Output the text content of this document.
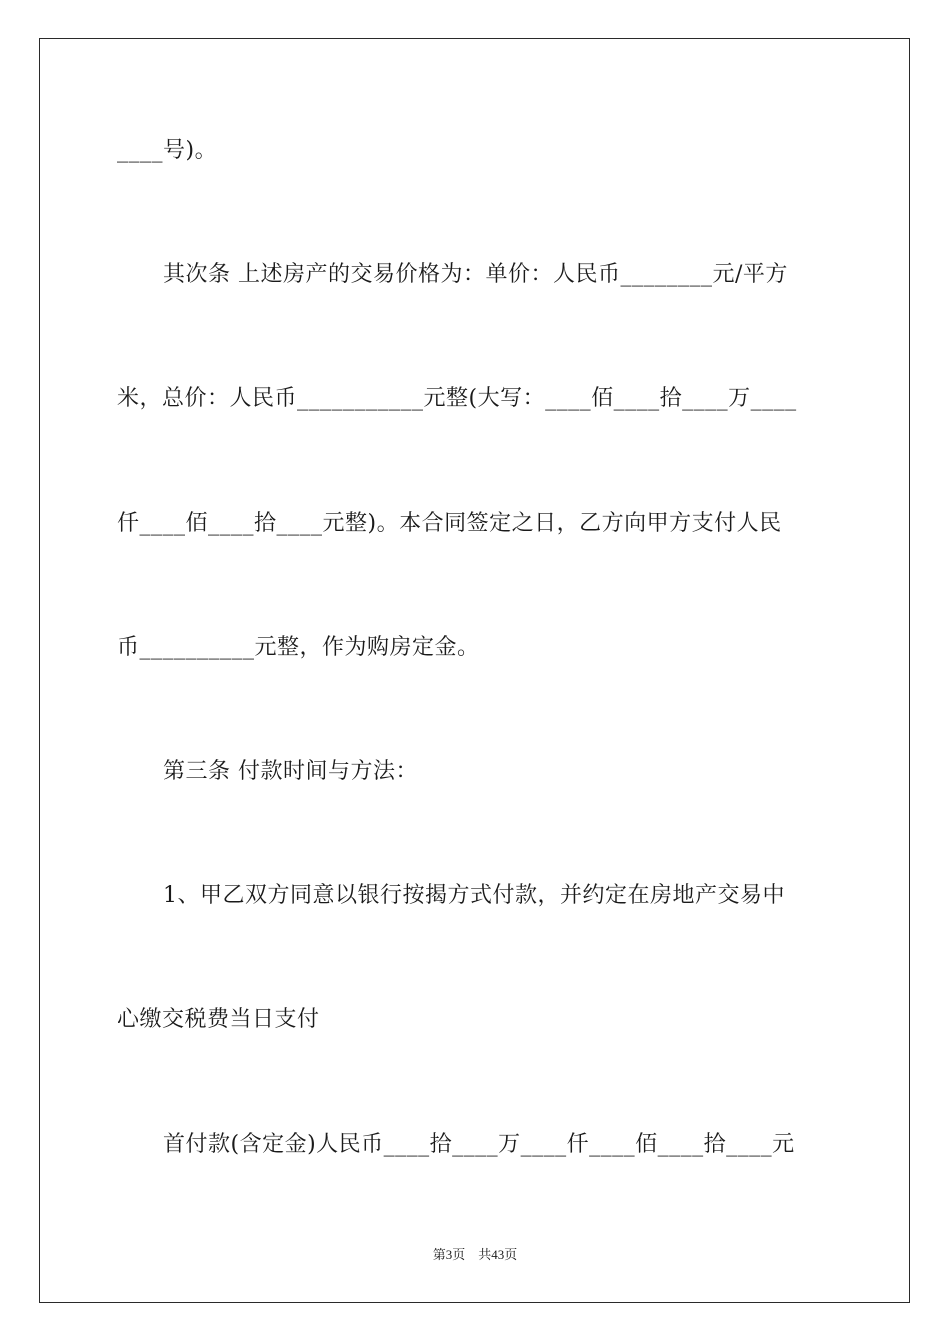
____号)。
其次条 上述房产的交易价格为：单价：人民币________元/平方
米，总价：人民币___________元整(大写：____佰____拾____万____
仟____佰____拾____元整)。本合同签定之日，乙方向甲方支付人民
币__________元整，作为购房定金。
第三条 付款时间与方法：
1、甲乙双方同意以银行按揭方式付款，并约定在房地产交易中
心缴交税费当日支付
首付款(含定金)人民币____拾____万____仟____佰____拾____元
第3页　共43页
